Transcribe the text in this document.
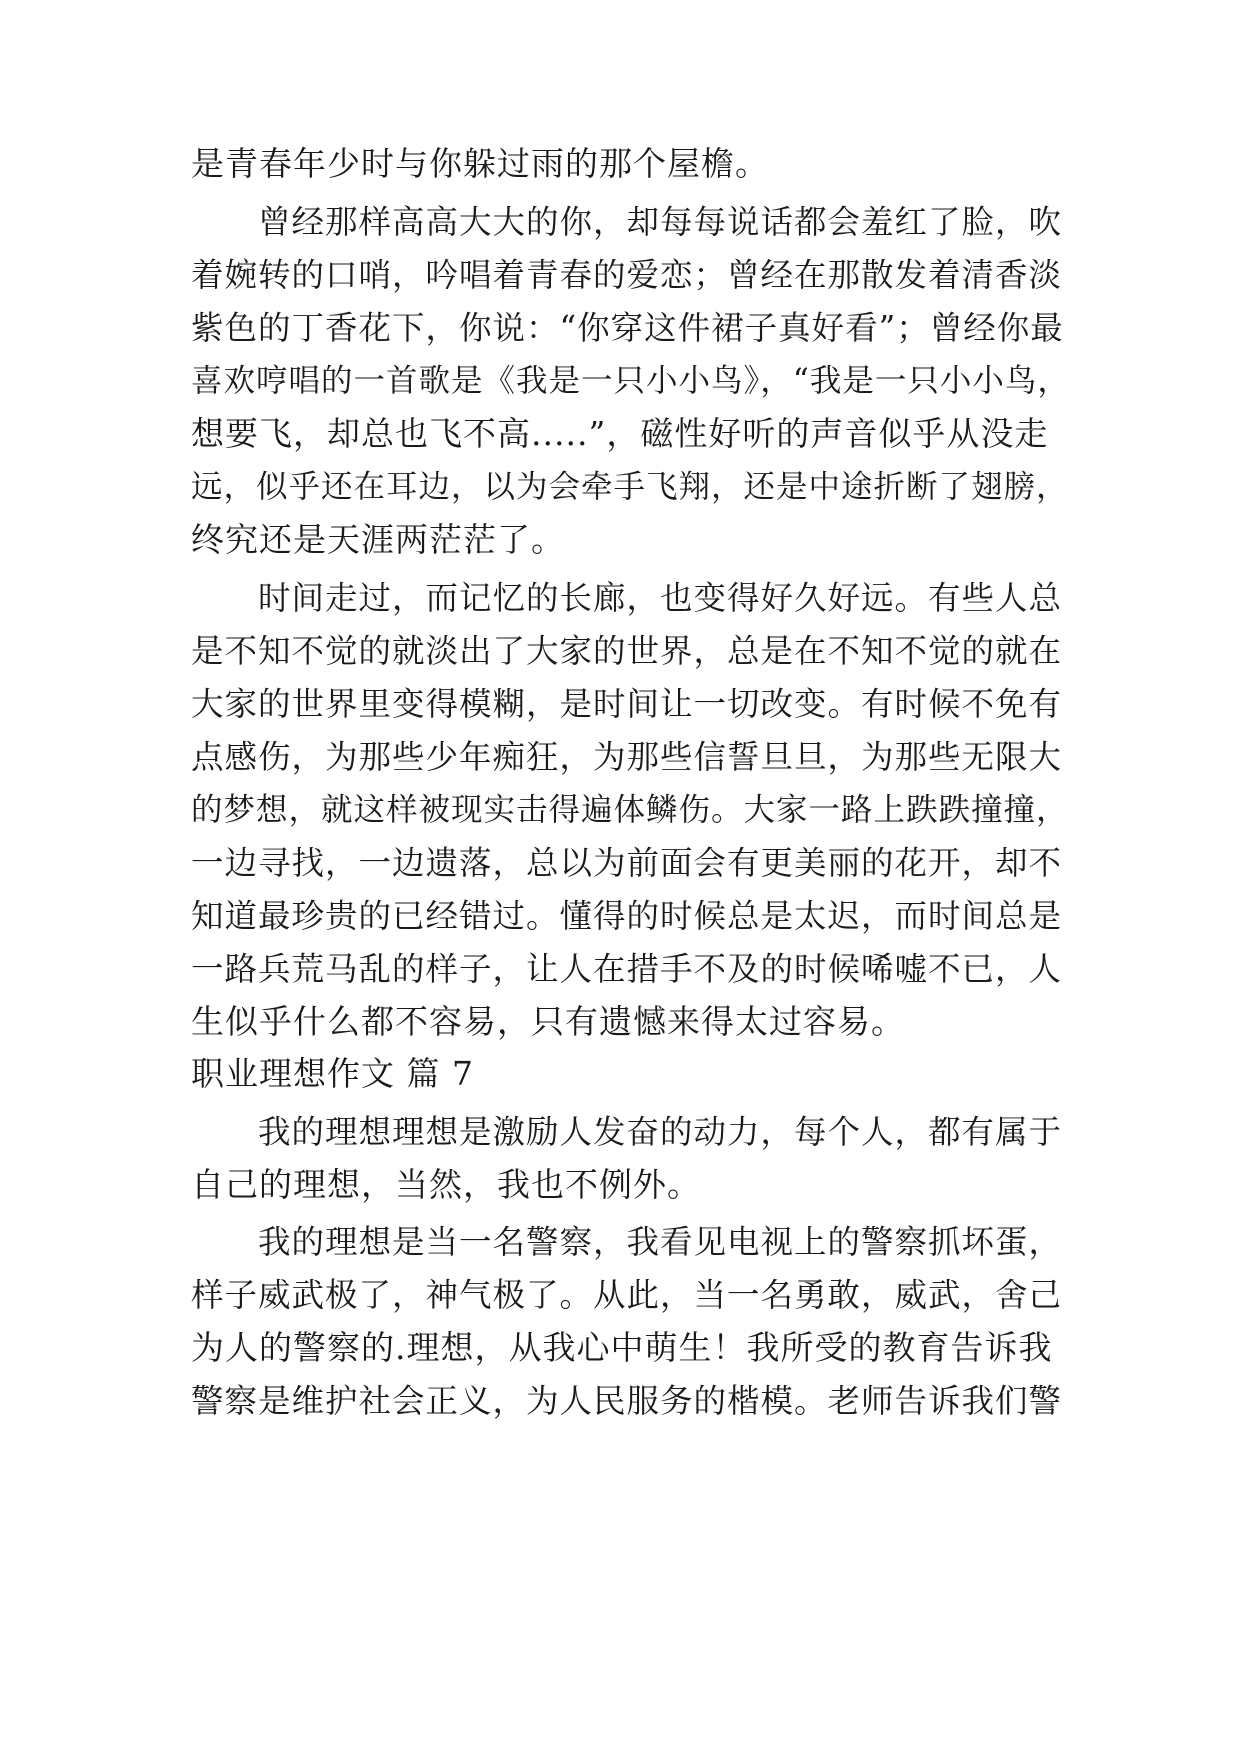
是青春年少时与你躲过雨的那个屋檐。
曾经那样高高大大的你，却每每说话都会羞红了脸，吹
着婉转的口哨，吟唱着青春的爱恋；曾经在那散发着清香淡
紫色的丁香花下，你说：“你穿这件裙子真好看”；曾经你最
喜欢哼唱的一首歌是《我是一只小小鸟》，“我是一只小小鸟，
想要飞，却总也飞不高.....”，磁性好听的声音似乎从没走
远，似乎还在耳边，以为会牵手飞翔，还是中途折断了翅膀，
终究还是天涯两茫茫了。
时间走过，而记忆的长廊，也变得好久好远。有些人总
是不知不觉的就淡出了大家的世界，总是在不知不觉的就在
大家的世界里变得模糊，是时间让一切改变。有时候不免有
点感伤，为那些少年痴狂，为那些信誓旦旦，为那些无限大
的梦想，就这样被现实击得遍体鳞伤。大家一路上跌跌撞撞，
一边寻找，一边遗落，总以为前面会有更美丽的花开，却不
知道最珍贵的已经错过。懂得的时候总是太迟，而时间总是
一路兵荒马乱的样子，让人在措手不及的时候唏嘘不已，人
生似乎什么都不容易，只有遗憾来得太过容易。
职业理想作文 篇 7
我的理想理想是激励人发奋的动力，每个人，都有属于
自己的理想，当然，我也不例外。
我的理想是当一名警察，我看见电视上的警察抓坏蛋，
样子威武极了，神气极了。从此，当一名勇敢，威武，舍己
为人的警察的.理想，从我心中萌生！我所受的教育告诉我
警察是维护社会正义，为人民服务的楷模。老师告诉我们警
